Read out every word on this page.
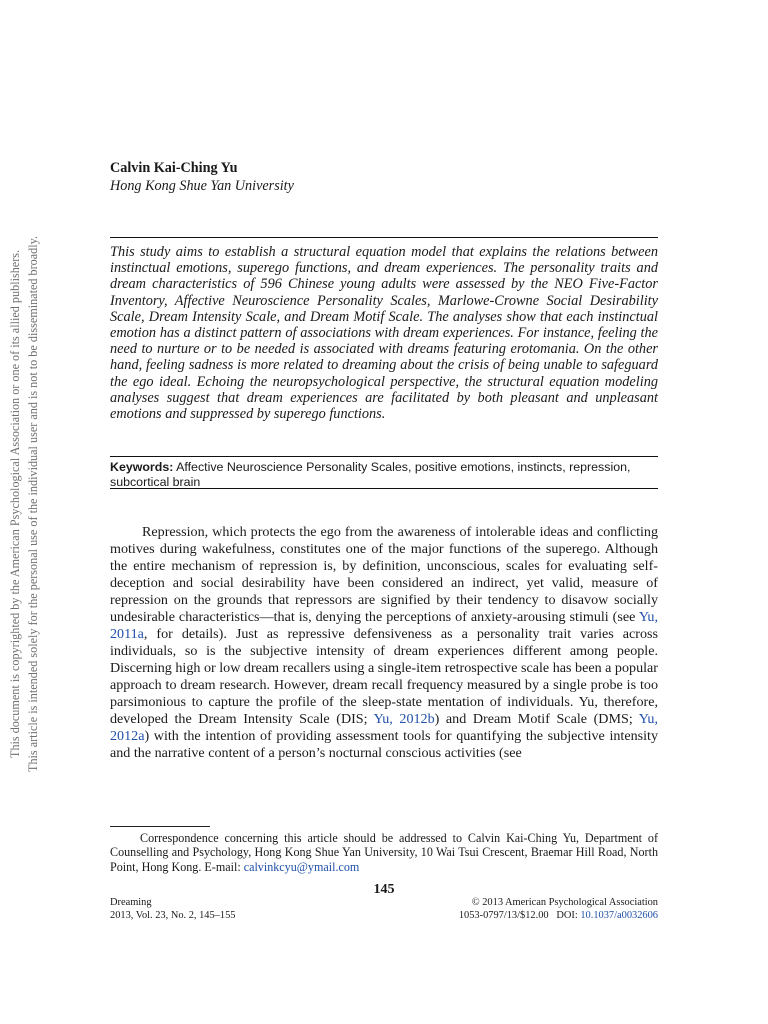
This document is copyrighted by the American Psychological Association or one of its allied publishers. This article is intended solely for the personal use of the individual user and is not to be disseminated broadly.
Calvin Kai-Ching Yu
Hong Kong Shue Yan University

This study aims to establish a structural equation model that explains the relations between instinctual emotions, superego functions, and dream experiences. The personality traits and dream characteristics of 596 Chinese young adults were assessed by the NEO Five-Factor Inventory, Affective Neuroscience Personality Scales, Marlowe-Crowne Social Desirability Scale, Dream Intensity Scale, and Dream Motif Scale. The analyses show that each instinctual emotion has a distinct pattern of associations with dream experiences. For instance, feeling the need to nurture or to be needed is associated with dreams featuring erotomania. On the other hand, feeling sadness is more related to dreaming about the crisis of being unable to safeguard the ego ideal. Echoing the neuropsychological perspective, the structural equation modeling analyses suggest that dream experiences are facilitated by both pleasant and unpleasant emotions and suppressed by superego functions.

Keywords: Affective Neuroscience Personality Scales, positive emotions, instincts, repression, subcortical brain

Repression, which protects the ego from the awareness of intolerable ideas and conflicting motives during wakefulness, constitutes one of the major functions of the superego. Although the entire mechanism of repression is, by definition, unconscious, scales for evaluating self-deception and social desirability have been considered an indirect, yet valid, measure of repression on the grounds that repressors are signified by their tendency to disavow socially undesirable characteristics—that is, denying the perceptions of anxiety-arousing stimuli (see Yu, 2011a, for details). Just as repressive defensiveness as a personality trait varies across individuals, so is the subjective intensity of dream experiences different among people. Discerning high or low dream recallers using a single-item retrospective scale has been a popular approach to dream research. However, dream recall frequency measured by a single probe is too parsimonious to capture the profile of the sleep-state mentation of individuals. Yu, therefore, developed the Dream Intensity Scale (DIS; Yu, 2012b) and Dream Motif Scale (DMS; Yu, 2012a) with the intention of providing assessment tools for quantifying the subjective intensity and the narrative content of a person’s nocturnal conscious activities (see

Correspondence concerning this article should be addressed to Calvin Kai-Ching Yu, Department of Counselling and Psychology, Hong Kong Shue Yan University, 10 Wai Tsui Crescent, Braemar Hill Road, North Point, Hong Kong. E-mail: calvinkcyu@ymail.com

145
Dreaming
2013, Vol. 23, No. 2, 145–155
© 2013 American Psychological Association
1053-0797/13/$12.00 DOI: 10.1037/a0032606
